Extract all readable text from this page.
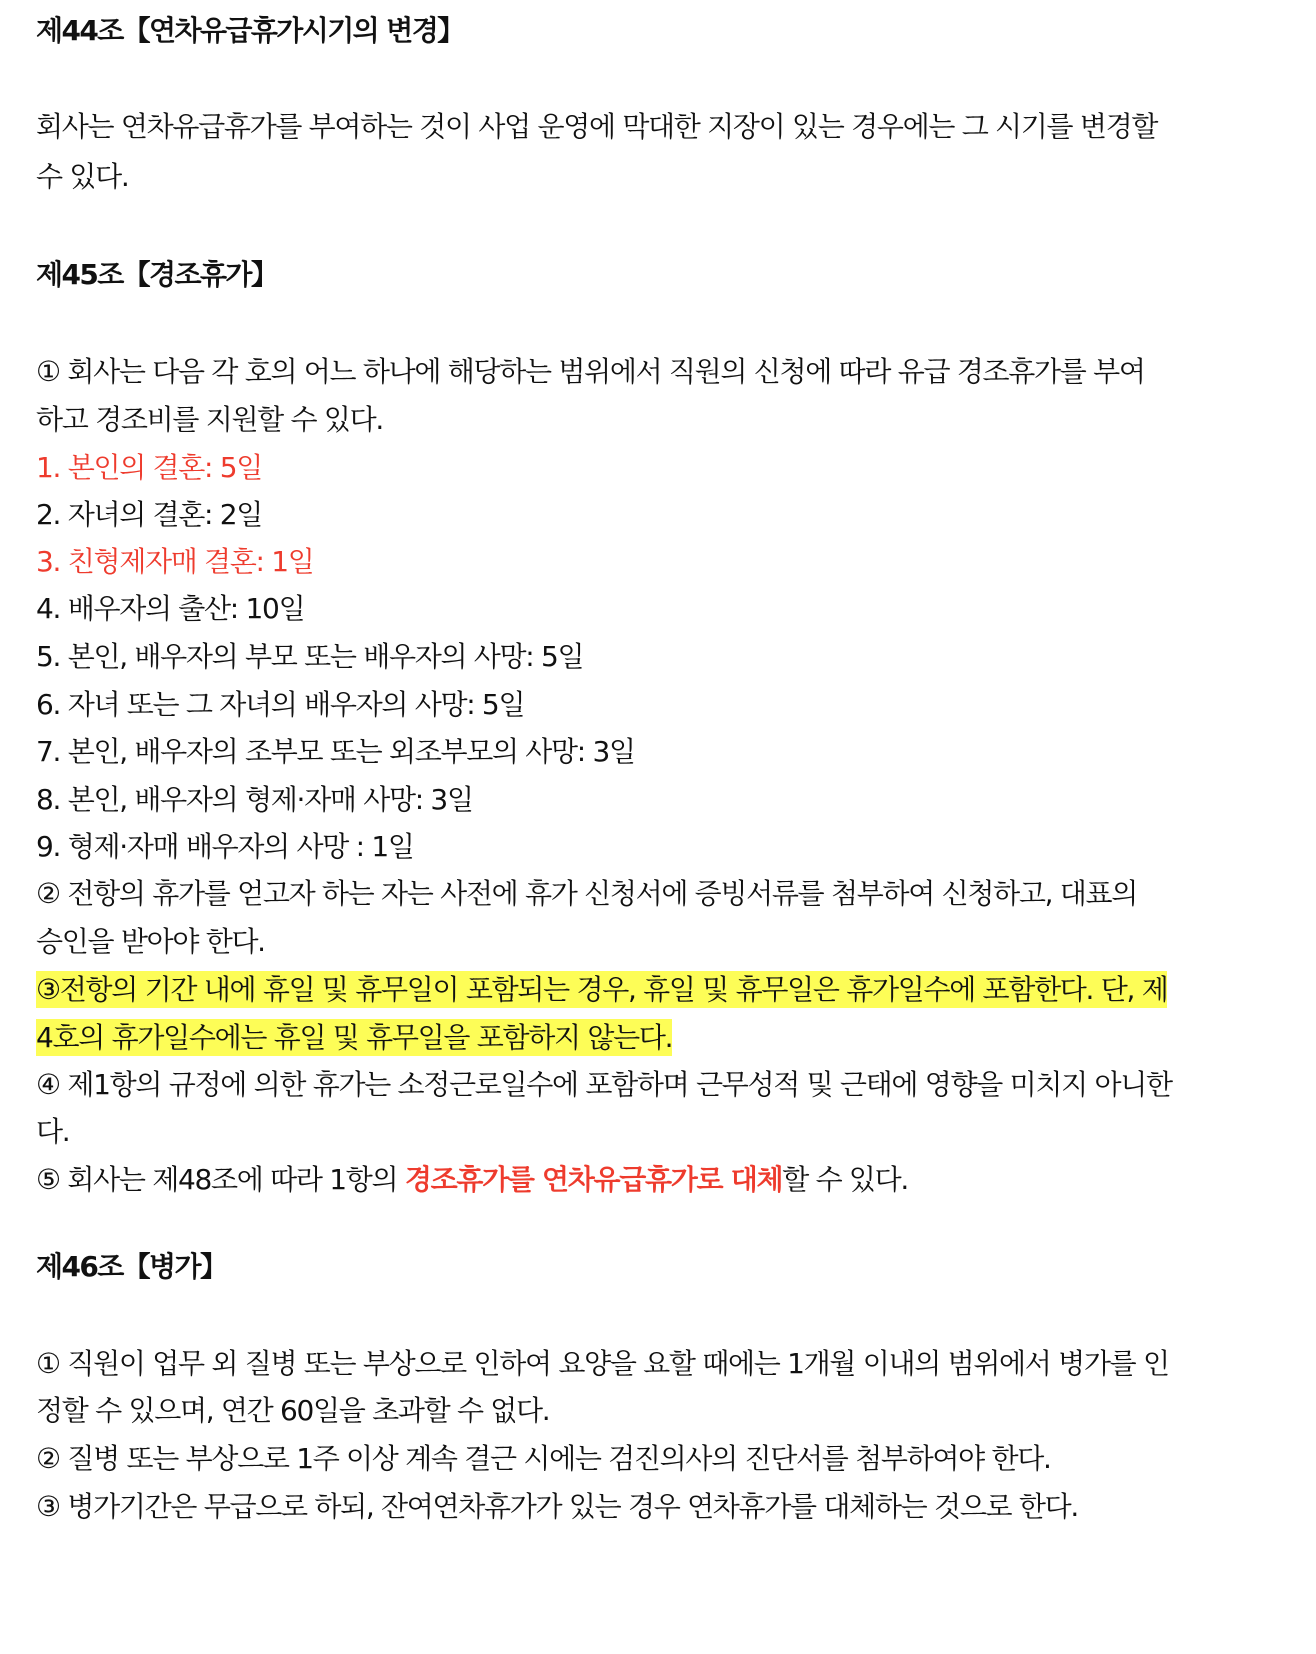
제44조【연차유급휴가시기의 변경】
회사는 연차유급휴가를 부여하는 것이 사업 운영에 막대한 지장이 있는 경우에는 그 시기를 변경할
수 있다.
제45조【경조휴가】
① 회사는 다음 각 호의 어느 하나에 해당하는 범위에서 직원의 신청에 따라 유급 경조휴가를 부여
하고 경조비를 지원할 수 있다.
1. 본인의 결혼: 5일
2. 자녀의 결혼: 2일
3. 친형제자매 결혼: 1일
4. 배우자의 출산: 10일
5. 본인, 배우자의 부모 또는 배우자의 사망: 5일
6. 자녀 또는 그 자녀의 배우자의 사망: 5일
7. 본인, 배우자의 조부모 또는 외조부모의 사망: 3일
8. 본인, 배우자의 형제·자매 사망: 3일
9. 형제·자매 배우자의 사망 : 1일
② 전항의 휴가를 얻고자 하는 자는 사전에 휴가 신청서에 증빙서류를 첨부하여 신청하고, 대표의
승인을 받아야 한다.
③전항의 기간 내에 휴일 및 휴무일이 포함되는 경우, 휴일 및 휴무일은 휴가일수에 포함한다. 단, 제
4호의 휴가일수에는 휴일 및 휴무일을 포함하지 않는다.
④ 제1항의 규정에 의한 휴가는 소정근로일수에 포함하며 근무성적 및 근태에 영향을 미치지 아니한
다.
⑤ 회사는 제48조에 따라 1항의 경조휴가를 연차유급휴가로 대체할 수 있다.
제46조【병가】
① 직원이 업무 외 질병 또는 부상으로 인하여 요양을 요할 때에는 1개월 이내의 범위에서 병가를 인
정할 수 있으며, 연간 60일을 초과할 수 없다.
② 질병 또는 부상으로 1주 이상 계속 결근 시에는 검진의사의 진단서를 첨부하여야 한다.
③ 병가기간은 무급으로 하되, 잔여연차휴가가 있는 경우 연차휴가를 대체하는 것으로 한다.
